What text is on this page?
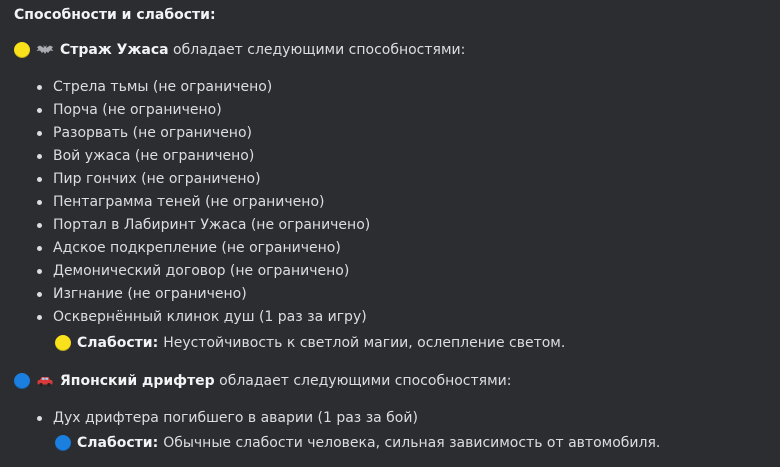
Способности и слабости:
Страж Ужаса обладает следующими способностями:
Стрела тьмы (не ограничено)
Порча (не ограничено)
Разорвать (не ограничено)
Вой ужаса (не ограничено)
Пир гончих (не ограничено)
Пентаграмма теней (не ограничено)
Портал в Лабиринт Ужаса (не ограничено)
Адское подкрепление (не ограничено)
Демонический договор (не ограничено)
Изгнание (не ограничено)
Осквернённый клинок душ (1 раз за игру)
Слабости: Неустойчивость к светлой магии, ослепление светом.
Японский дрифтер обладает следующими способностями:
Дух дрифтера погибшего в аварии (1 раз за бой)
Слабости: Обычные слабости человека, сильная зависимость от автомобиля.
